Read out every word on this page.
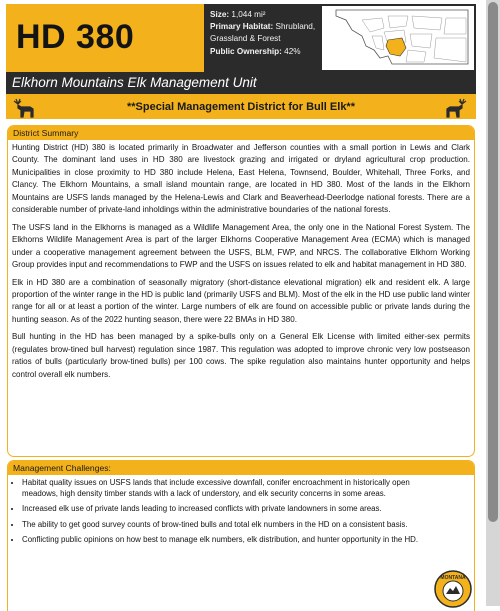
HD 380
Size: 1,044 mi²
Primary Habitat: Shrubland, Grassland & Forest
Public Ownership: 42%
Elkhorn Mountains Elk Management Unit
**Special Management District for Bull Elk**
District Summary

Hunting District (HD) 380 is located primarily in Broadwater and Jefferson counties with a small portion in Lewis and Clark County. The dominant land uses in HD 380 are livestock grazing and irrigated or dryland agricultural crop production. Municipalities in close proximity to HD 380 include Helena, East Helena, Townsend, Boulder, Whitehall, Three Forks, and Clancy. The Elkhorn Mountains, a small island mountain range, are located in HD 380. Most of the lands in the Elkhorn Mountains are USFS lands managed by the Helena-Lewis and Clark and Beaverhead-Deerlodge national forests. There are a considerable number of private-land inholdings within the administrative boundaries of the national forests.

The USFS land in the Elkhorns is managed as a Wildlife Management Area, the only one in the National Forest System. The Elkhorns Wildlife Management Area is part of the larger Elkhorns Cooperative Management Area (ECMA) which is managed under a cooperative management agreement between the USFS, BLM, FWP, and NRCS. The collaborative Elkhorn Working Group provides input and recommendations to FWP and the USFS on issues related to elk and habitat management in HD 380.

Elk in HD 380 are a combination of seasonally migratory (short-distance elevational migration) elk and resident elk. A large proportion of the winter range in the HD is public land (primarily USFS and BLM). Most of the elk in the HD use public land winter range for all or at least a portion of the winter. Large numbers of elk are found on accessible public or private lands during the hunting season. As of the 2022 hunting season, there were 22 BMAs in HD 380.

Bull hunting in the HD has been managed by a spike-bulls only on a General Elk License with limited either-sex permits (regulates brow-tined bull harvest) regulation since 1987. This regulation was adopted to improve chronic very low postseason ratios of bulls (particularly brow-tined bulls) per 100 cows. The spike regulation also maintains hunter opportunity and helps control overall elk numbers.

Management Challenges:
• Habitat quality issues on USFS lands that include excessive downfall, conifer encroachment in historically open meadows, high density timber stands with a lack of understory, and elk security concerns in some areas.
• Increased elk use of private lands leading to increased conflicts with private landowners in some areas.
• The ability to get good survey counts of brow-tined bulls and total elk numbers in the HD on a consistent basis.
• Conflicting public opinions on how best to manage elk numbers, elk distribution, and hunter opportunity in the HD.
MONTANA
